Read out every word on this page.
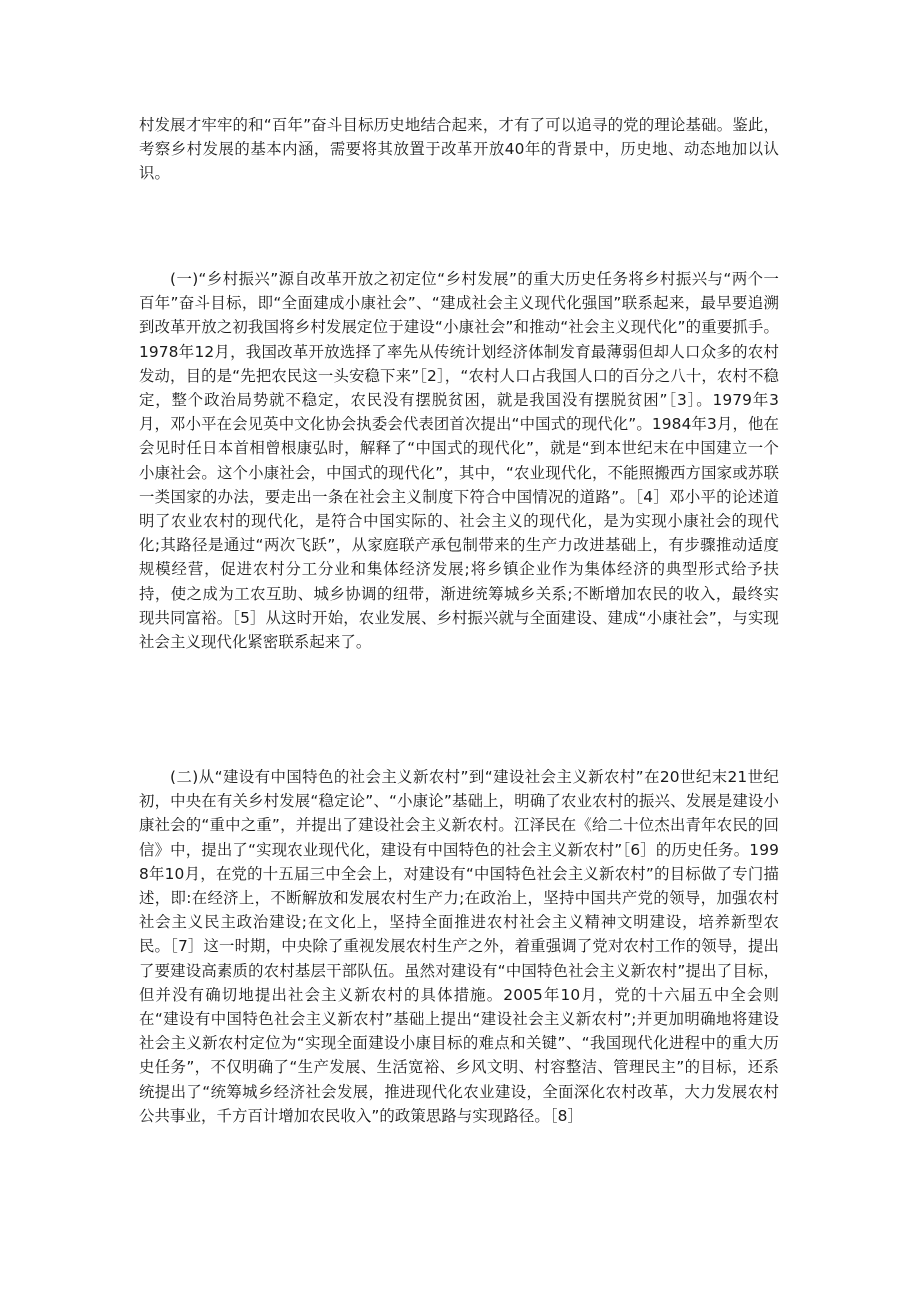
村发展才牢牢的和“百年”奋斗目标历史地结合起来，才有了可以追寻的党的理论基础。鉴此，考察乡村发展的基本内涵，需要将其放置于改革开放40年的背景中，历史地、动态地加以认识。

(一)“乡村振兴”源自改革开放之初定位“乡村发展”的重大历史任务将乡村振兴与“两个一百年”奋斗目标，即“全面建成小康社会”、“建成社会主义现代化强国”联系起来，最早要追溯到改革开放之初我国将乡村发展定位于建设“小康社会”和推动“社会主义现代化”的重要抓手。1978年12月，我国改革开放选择了率先从传统计划经济体制发育最薄弱但却人口众多的农村发动，目的是“先把农民这一头安稳下来”［2］，“农村人口占我国人口的百分之八十，农村不稳定，整个政治局势就不稳定，农民没有摆脱贫困，就是我国没有摆脱贫困”［3］。1979年3月，邓小平在会见英中文化协会执委会代表团首次提出“中国式的现代化”。1984年3月，他在会见时任日本首相曾根康弘时，解释了“中国式的现代化”，就是“到本世纪末在中国建立一个小康社会。这个小康社会，中国式的现代化”，其中，“农业现代化，不能照搬西方国家或苏联一类国家的办法，要走出一条在社会主义制度下符合中国情况的道路”。［4］邓小平的论述道明了农业农村的现代化，是符合中国实际的、社会主义的现代化，是为实现小康社会的现代化;其路径是通过“两次飞跃”，从家庭联产承包制带来的生产力改进基础上，有步骤推动适度规模经营，促进农村分工分业和集体经济发展;将乡镇企业作为集体经济的典型形式给予扶持，使之成为工农互助、城乡协调的纽带，渐进统筹城乡关系;不断增加农民的收入，最终实现共同富裕。［5］从这时开始，农业发展、乡村振兴就与全面建设、建成“小康社会”，与实现社会主义现代化紧密联系起来了。

(二)从“建设有中国特色的社会主义新农村”到“建设社会主义新农村”在20世纪末21世纪初，中央在有关乡村发展“稳定论”、“小康论”基础上，明确了农业农村的振兴、发展是建设小康社会的“重中之重”，并提出了建设社会主义新农村。江泽民在《给二十位杰出青年农民的回信》中，提出了“实现农业现代化，建设有中国特色的社会主义新农村”［6］的历史任务。1998年10月，在党的十五届三中全会上，对建设有“中国特色社会主义新农村”的目标做了专门描述，即:在经济上，不断解放和发展农村生产力;在政治上，坚持中国共产党的领导，加强农村社会主义民主政治建设;在文化上，坚持全面推进农村社会主义精神文明建设，培养新型农民。［7］这一时期，中央除了重视发展农村生产之外，着重强调了党对农村工作的领导，提出了要建设高素质的农村基层干部队伍。虽然对建设有“中国特色社会主义新农村”提出了目标，但并没有确切地提出社会主义新农村的具体措施。2005年10月，党的十六届五中全会则在“建设有中国特色社会主义新农村”基础上提出“建设社会主义新农村”;并更加明确地将建设社会主义新农村定位为“实现全面建设小康目标的难点和关键”、“我国现代化进程中的重大历史任务”，不仅明确了“生产发展、生活宽裕、乡风文明、村容整洁、管理民主”的目标，还系统提出了“统筹城乡经济社会发展，推进现代化农业建设，全面深化农村改革，大力发展农村公共事业，千方百计增加农民收入”的政策思路与实现路径。［8］
